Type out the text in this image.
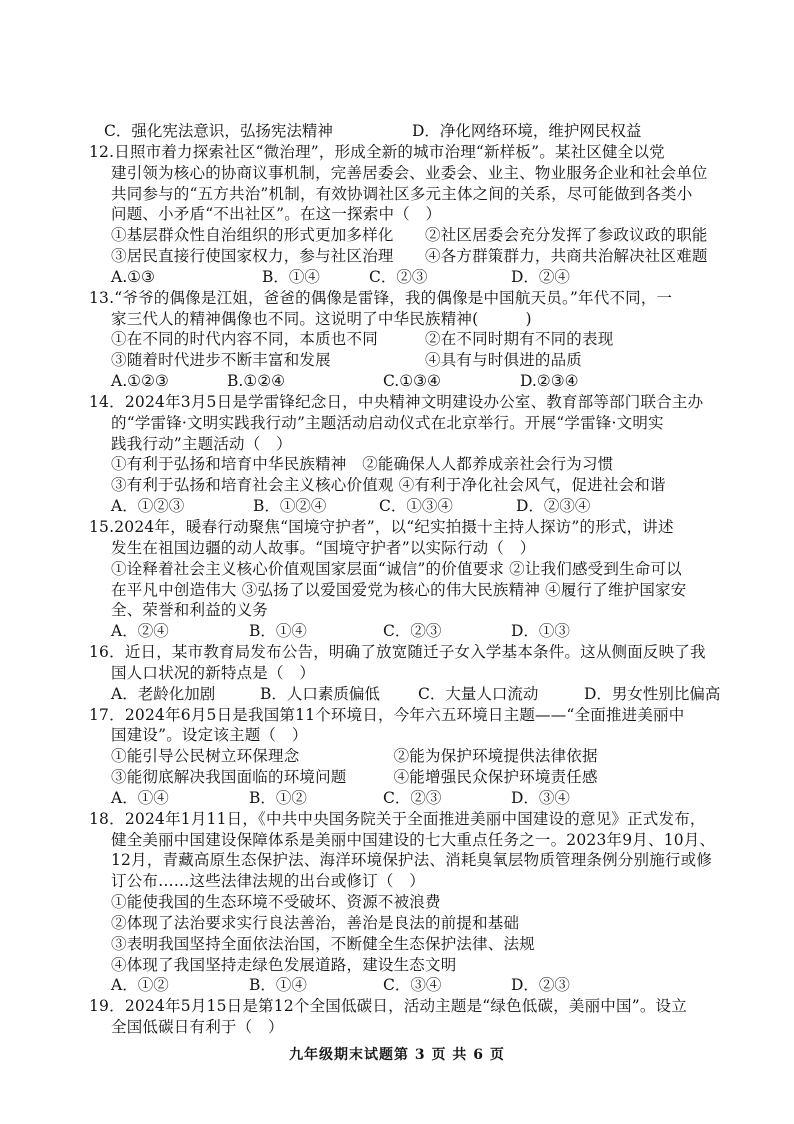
C．强化宪法意识，弘扬宪法精神	D．净化网络环境，维护网民权益
12.日照市着力探索社区“微治理”，形成全新的城市治理“新样板”。某社区健全以党
建引领为核心的协商议事机制，完善居委会、业委会、业主、物业服务企业和社会单位
共同参与的“五方共治”机制，有效协调社区多元主体之间的关系，尽可能做到各类小
问题、小矛盾“不出社区”。在这一探索中（　）
①基层群众性自治组织的形式更加多样化　　②社区居委会充分发挥了参政议政的职能
③居民直接行使国家权力，参与社区治理　　④各方群策群力，共商共治解决社区难题
A.①③	B．①④	C．②③	D．②④
13.“爷爷的偶像是江姐，爸爸的偶像是雷锋，我的偶像是中国航天员。”年代不同，一
家三代人的精神偶像也不同。这说明了中华民族精神(　　　)
①在不同的时代内容不同，本质也不同　　　②在不同时期有不同的表现
③随着时代进步不断丰富和发展　　　　　　④具有与时俱进的品质
A.①②③	B.①②④	C.①③④	D.②③④
14．2024年3月5日是学雷锋纪念日，中央精神文明建设办公室、教育部等部门联合主办
的“学雷锋·文明实践我行动”主题活动启动仪式在北京举行。开展“学雷锋·文明实
践我行动”主题活动（　）
①有利于弘扬和培育中华民族精神　②能确保人人都养成亲社会行为习惯
③有利于弘扬和培育社会主义核心价值观 ④有利于净化社会风气，促进社会和谐
A．①②③	B．①②④	C．①③④	D．②③④
15.2024年，暖春行动聚焦“国境守护者”，以“纪实拍摄十主持人探访”的形式，讲述
发生在祖国边疆的动人故事。“国境守护者”以实际行动（　）
①诠释着社会主义核心价值观国家层面“诚信”的价值要求 ②让我们感受到生命可以
在平凡中创造伟大 ③弘扬了以爱国爱党为核心的伟大民族精神 ④履行了维护国家安
全、荣誉和利益的义务
A．②④	B．①④	C．②③	D．①③
16．近日，某市教育局发布公告，明确了放宽随迁子女入学基本条件。这从侧面反映了我
国人口状况的新特点是（　）
A．老龄化加剧	B．人口素质偏低 C．大量人口流动	D．男女性别比偏高
17．2024年6月5日是我国第11个环境日，今年六五环境日主题——“全面推进美丽中
国建设”。设定该主题（　）
①能引导公民树立环保理念　　　　　　②能为保护环境提供法律依据
③能彻底解决我国面临的环境问题　　　④能增强民众保护环境责任感
A．①④	B．①②	C．②③	D．③④
18．2024年1月11日，《中共中央国务院关于全面推进美丽中国建设的意见》正式发布，
健全美丽中国建设保障体系是美丽中国建设的七大重点任务之一。2023年9月、10月、
12月，青藏高原生态保护法、海洋环境保护法、消耗臭氧层物质管理条例分别施行或修
订公布……这些法律法规的出台或修订（　）
①能使我国的生态环境不受破坏、资源不被浪费
②体现了法治要求实行良法善治，善治是良法的前提和基础
③表明我国坚持全面依法治国，不断健全生态保护法律、法规
④体现了我国坚持走绿色发展道路，建设生态文明
A．①②	B．①④	C．③④	D．②③
19．2024年5月15日是第12个全国低碳日，活动主题是“绿色低碳，美丽中国”。设立
全国低碳日有利于（　）
九年级期末试题第 3 页 共 6 页
